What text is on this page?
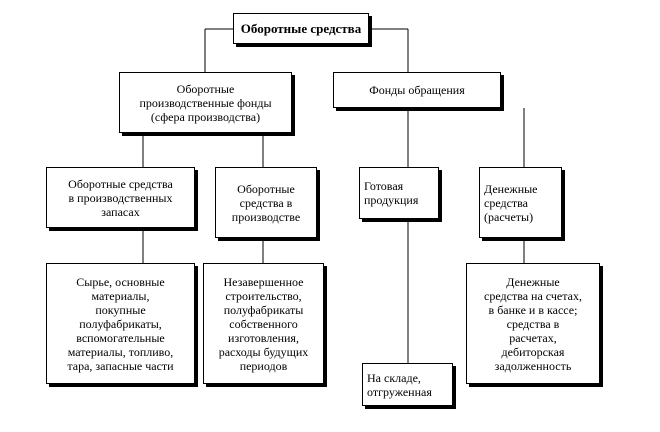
Оборотные средства
Оборотные
производственные фонды
(сфера производства)
Фонды обращения
Оборотные средства
в производственных
запасах
Оборотные
средства в
производстве
Готовая
продукция
Денежные
средства
(расчеты)
Сырье, основные
материалы,
покупные
полуфабрикаты,
вспомогательные
материалы, топливо,
тара, запасные части
Незавершенное
строительство,
полуфабрикаты
собственного
изготовления,
расходы будущих
периодов
На складе,
отгруженная
Денежные
средства на счетах,
в банке и в кассе;
средства в
расчетах,
дебиторская
задолженность
